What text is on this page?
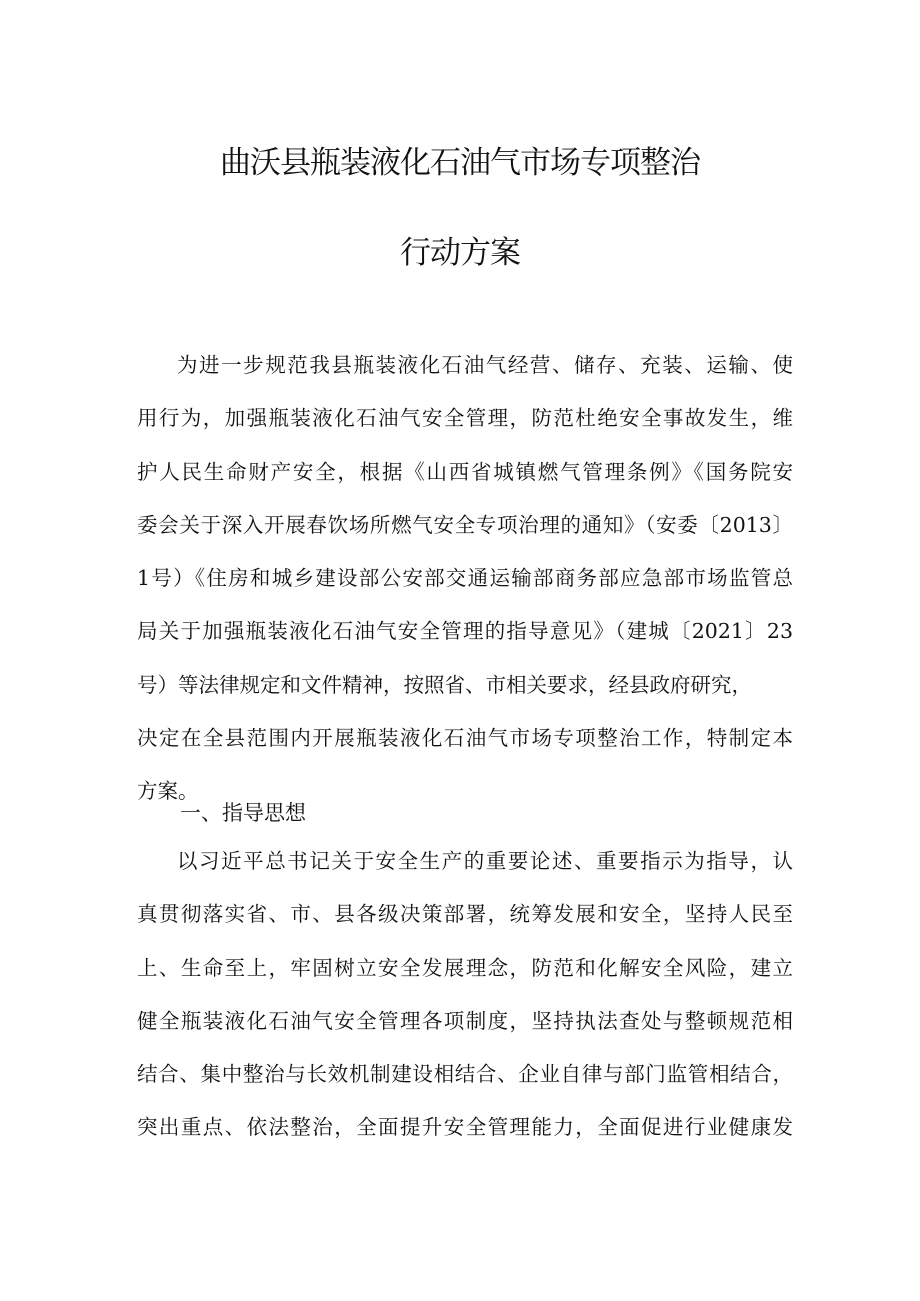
曲沃县瓶装液化石油气市场专项整治
行动方案
为进一步规范我县瓶装液化石油气经营、储存、充装、运输、使
用行为，加强瓶装液化石油气安全管理，防范杜绝安全事故发生，维
护人民生命财产安全，根据《山西省城镇燃气管理条例》《国务院安
委会关于深入开展春饮场所燃气安全专项治理的通知》（安委〔2013〕
1号）《住房和城乡建设部公安部交通运输部商务部应急部市场监管总
局关于加强瓶装液化石油气安全管理的指导意见》（建城〔2021〕23
号）等法律规定和文件精神，按照省、市相关要求，经县政府研究，
决定在全县范围内开展瓶装液化石油气市场专项整治工作，特制定本
方案。
一、指导思想
以习近平总书记关于安全生产的重要论述、重要指示为指导，认
真贯彻落实省、市、县各级决策部署，统筹发展和安全，坚持人民至
上、生命至上，牢固树立安全发展理念，防范和化解安全风险，建立
健全瓶装液化石油气安全管理各项制度，坚持执法查处与整顿规范相
结合、集中整治与长效机制建设相结合、企业自律与部门监管相结合，
突出重点、依法整治，全面提升安全管理能力，全面促进行业健康发
